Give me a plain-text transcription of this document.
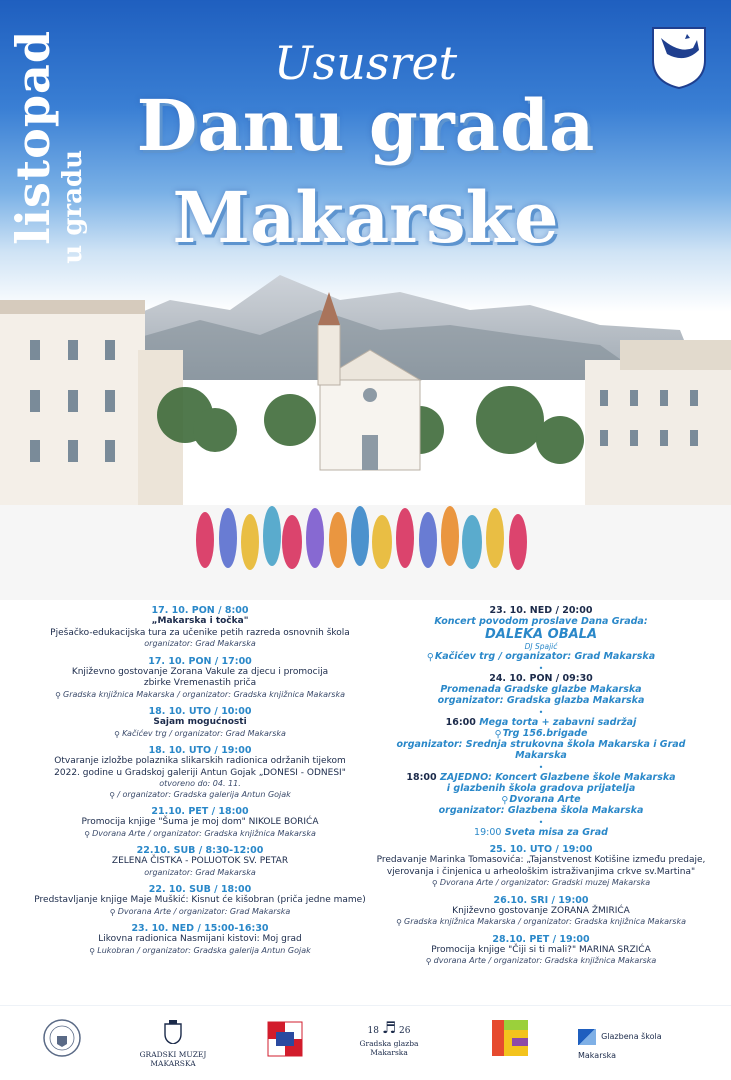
listopad
u gradu
Ususret
Danu grada
Makarske
17. 10. PON / 8:00
„Makarska i točka"
Pješačko-edukacijska tura za učenike petih razreda osnovnih škola
organizator: Grad Makarska
17. 10. PON / 17:00
Književno gostovanje Zorana Vakule za djecu i promocija
zbirke Vremenastih priča
⚲ Gradska knjižnica Makarska / organizator: Gradska knjižnica Makarska
18. 10. UTO / 10:00
Sajam mogućnosti
⚲ Kačićev trg / organizator: Grad Makarska
18. 10. UTO / 19:00
Otvaranje izložbe polaznika slikarskih radionica održanih tijekom
2022. godine u Gradskoj galeriji Antun Gojak „DONESI - ODNESI"
otvoreno do: 04. 11.
⚲ / organizator: Gradska galerija Antun Gojak
21.10. PET / 18:00
Promocija knjige "Šuma je moj dom" NIKOLE BORIĆA
⚲ Dvorana Arte / organizator: Gradska knjižnica Makarska
22.10. SUB / 8:30-12:00
ZELENA ČISTKA - POLUOTOK SV. PETAR
organizator: Grad Makarska
22. 10. SUB / 18:00
Predstavljanje knjige Maje Muškić: Kisnut će kišobran (priča jedne mame)
⚲ Dvorana Arte / organizator: Grad Makarska
23. 10. NED / 15:00-16:30
Likovna radionica Nasmijani kistovi: Moj grad
⚲ Lukobran / organizator: Gradska galerija Antun Gojak
23. 10. NED / 20:00
Koncert povodom proslave Dana Grada:
DALEKA OBALA
DJ Spajić
⚲Kačićev trg / organizator: Grad Makarska
•
24. 10. PON / 09:30
Promenada Gradske glazbe Makarska
organizator: Gradska glazba Makarska
•
16:00 Mega torta + zabavni sadržaj
⚲Trg 156.brigade
organizator: Srednja strukovna škola Makarska i Grad Makarska
•
18:00 ZAJEDNO: Koncert Glazbene škole Makarska
i glazbenih škola gradova prijatelja
⚲Dvorana Arte
organizator: Glazbena škola Makarska
•
19:00 Sveta misa za Grad
25. 10. UTO / 19:00
Predavanje Marinka Tomasovića: „Tajanstvenost Kotišine između predaje,
vjerovanja i činjenica u arheološkim istraživanjima crkve sv.Martina"
⚲ Dvorana Arte / organizator: Gradski muzej Makarska
26.10. SRI / 19:00
Književno gostovanje ZORANA ŽMIRIĆA
⚲ Gradska knjižnica Makarska / organizator: Gradska knjižnica Makarska
28.10. PET / 19:00
Promocija knjige "Čiji si ti mali?" MARINA SRZIĆA
⚲ dvorana Arte / organizator: Gradska knjižnica Makarska
GRADSKI MUZEJ MAKARSKA
18 ♬ 26
Gradska glazba Makarska
Glazbena škola Makarska
